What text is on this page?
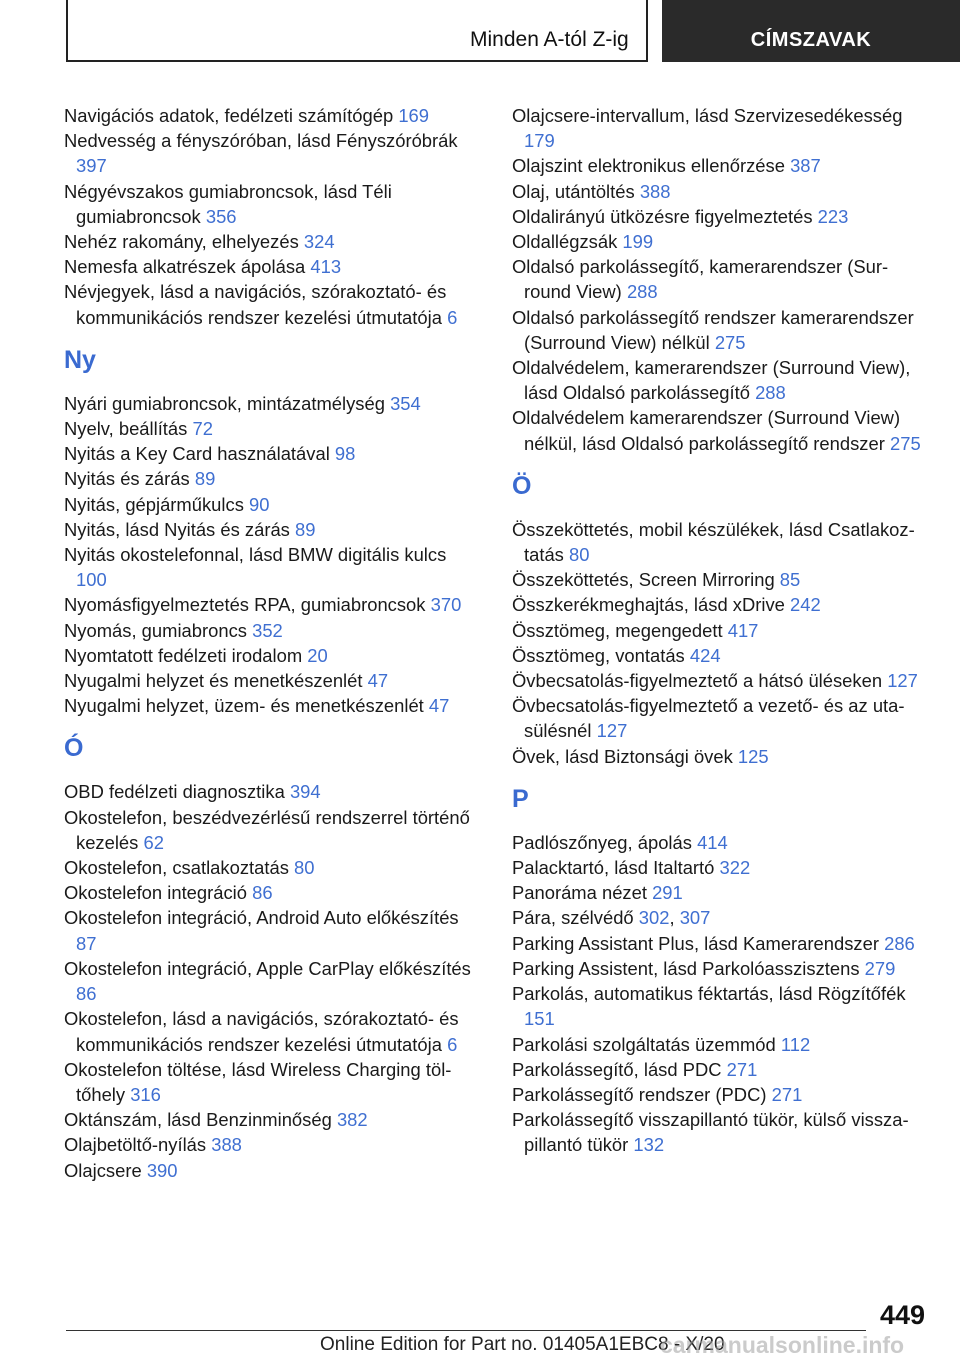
Minden A-tól Z-ig	CÍMSZAVAK
Navigációs adatok, fedélzeti számítógép 169
Nedvesség a fényszóróban, lásd Fényszóróbrák 397
Négyévszakos gumiabroncsok, lásd Téli gumiabroncsok 356
Nehéz rakomány, elhelyezés 324
Nemesfa alkatrészek ápolása 413
Névjegyek, lásd a navigációs, szórakoztató- és kommunikációs rendszer kezelési útmutatója 6
Ny
Nyári gumiabroncsok, mintázatmélység 354
Nyelv, beállítás 72
Nyitás a Key Card használatával 98
Nyitás és zárás 89
Nyitás, gépjárműkulcs 90
Nyitás, lásd Nyitás és zárás 89
Nyitás okostelefonnal, lásd BMW digitális kulcs 100
Nyomásfigyelmeztetés RPA, gumiabroncsok 370
Nyomás, gumiabroncs 352
Nyomtatott fedélzeti irodalom 20
Nyugalmi helyzet és menetkészenlét 47
Nyugalmi helyzet, üzem- és menetkészenlét 47
Ó
OBD fedélzeti diagnosztika 394
Okostelefon, beszédvezérlésű rendszerrel történő kezelés 62
Okostelefon, csatlakoztatás 80
Okostelefon integráció 86
Okostelefon integráció, Android Auto előkészítés 87
Okostelefon integráció, Apple CarPlay előkészítés 86
Okostelefon, lásd a navigációs, szórakoztató- és kommunikációs rendszer kezelési útmutatója 6
Okostelefon töltése, lásd Wireless Charging töltőhely 316
Oktánszám, lásd Benzinminőség 382
Olajbetöltő-nyílás 388
Olajcsere 390
Olajcsere-intervallum, lásd Szervizesedékesség 179
Olajszint elektronikus ellenőrzése 387
Olaj, utántöltés 388
Oldalirányú ütközésre figyelmeztetés 223
Oldallégzsák 199
Oldalsó parkolássegítő, kamerarendszer (Surround View) 288
Oldalsó parkolássegítő rendszer kamerarendszer (Surround View) nélkül 275
Oldalvédelem, kamerarendszer (Surround View), lásd Oldalsó parkolássegítő 288
Oldalvédelem kamerarendszer (Surround View) nélkül, lásd Oldalsó parkolássegítő rendszer 275
Ö
Összeköttetés, mobil készülékek, lásd Csatlakoztatás 80
Összeköttetés, Screen Mirroring 85
Összkerékmeghajtás, lásd xDrive 242
Össztömeg, megengedett 417
Össztömeg, vontatás 424
Övbecsatolás-figyelmeztető a hátsó üléseken 127
Övbecsatolás-figyelmeztető a vezető- és az utasülésnél 127
Övek, lásd Biztonsági övek 125
P
Padlószőnyeg, ápolás 414
Palacktartó, lásd Italtartó 322
Panoráma nézet 291
Pára, szélvédő 302, 307
Parking Assistant Plus, lásd Kamerarendszer 286
Parking Assistent, lásd Parkolóasszisztens 279
Parkolás, automatikus féktartás, lásd Rögzítőfék 151
Parkolási szolgáltatás üzemmód 112
Parkolássegítő, lásd PDC 271
Parkolássegítő rendszer (PDC) 271
Parkolássegítő visszapillantó tükör, külső visszapillantó tükör 132
449
Online Edition for Part no. 01405A1EBC8 - X/20
carmanualsonline.info
